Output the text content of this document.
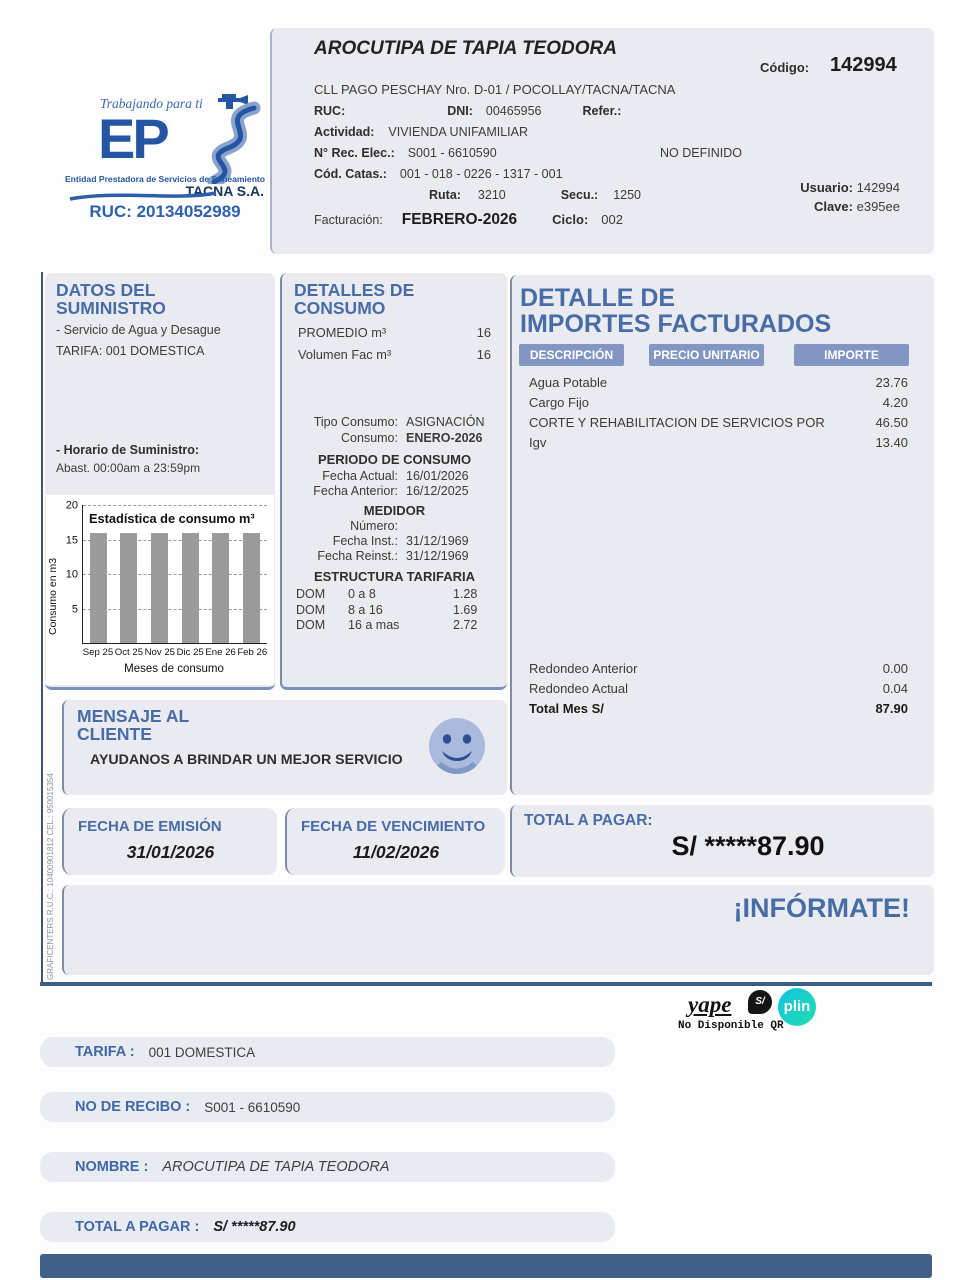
AROCUTIPA DE TAPIA TEODORA
Código: 142994
CLL PAGO PESCHAY Nro. D-01 / POCOLLAY/TACNA/TACNA
RUC:	DNI: 00465956	Refer.:
Actividad: VIVIENDA UNIFAMILIAR
N° Rec. Elec.: S001 - 6610590	NO DEFINIDO
Cód. Catas.: 001 - 018 - 0226 - 1317 - 001
Ruta: 3210	Secu.: 1250	Usuario: 142994
Clave: e395ee
Facturación: FEBRERO-2026	Ciclo: 002
Trabajando para ti
EP
Entidad Prestadora de Servicios de Saneamiento
TACNA S.A.
RUC: 20134052989
DATOS DEL
SUMINISTRO
- Servicio de Agua y Desague
TARIFA: 001 DOMESTICA
- Horario de Suministro:
Abast. 00:00am a 23:59pm
5
10
15
20
Estadística de consumo m³
Sep 25 Oct 25 Nov 25 Dic 25 Ene 26 Feb 26
Meses de consumo
Consumo en m3
DETALLES DE
CONSUMO
PROMEDIO m³	16
Volumen Fac m³	16
Tipo Consumo: ASIGNACIÓN
Consumo: ENERO-2026
PERIODO DE CONSUMO
Fecha Actual: 16/01/2026
Fecha Anterior: 16/12/2025
MEDIDOR
Número:
Fecha Inst.: 31/12/1969
Fecha Reinst.: 31/12/1969
ESTRUCTURA TARIFARIA
DOM	0 a 8	1.28
DOM	8 a 16	1.69
DOM	16 a mas	2.72
DETALLE DE
IMPORTES FACTURADOS
DESCRIPCIÓN	PRECIO UNITARIO	IMPORTE
Agua Potable	23.76
Cargo Fijo	4.20
CORTE Y REHABILITACION DE SERVICIOS POR	46.50
Igv	13.40
Redondeo Anterior	0.00
Redondeo Actual	0.04
Total Mes S/	87.90
MENSAJE AL
CLIENTE
AYUDANOS A BRINDAR UN MEJOR SERVICIO
FECHA DE EMISIÓN
31/01/2026
FECHA DE VENCIMIENTO
11/02/2026
TOTAL A PAGAR:
S/ *****87.90
¡INFÓRMATE!
yape	S/	plin
No Disponible QR
TARIFA : 001 DOMESTICA
NO DE RECIBO : S001 - 6610590
NOMBRE : AROCUTIPA DE TAPIA TEODORA
TOTAL A PAGAR : S/ *****87.90
GRAFICENTERS R.U.C.: 10400901812 CEL.: 950015354
